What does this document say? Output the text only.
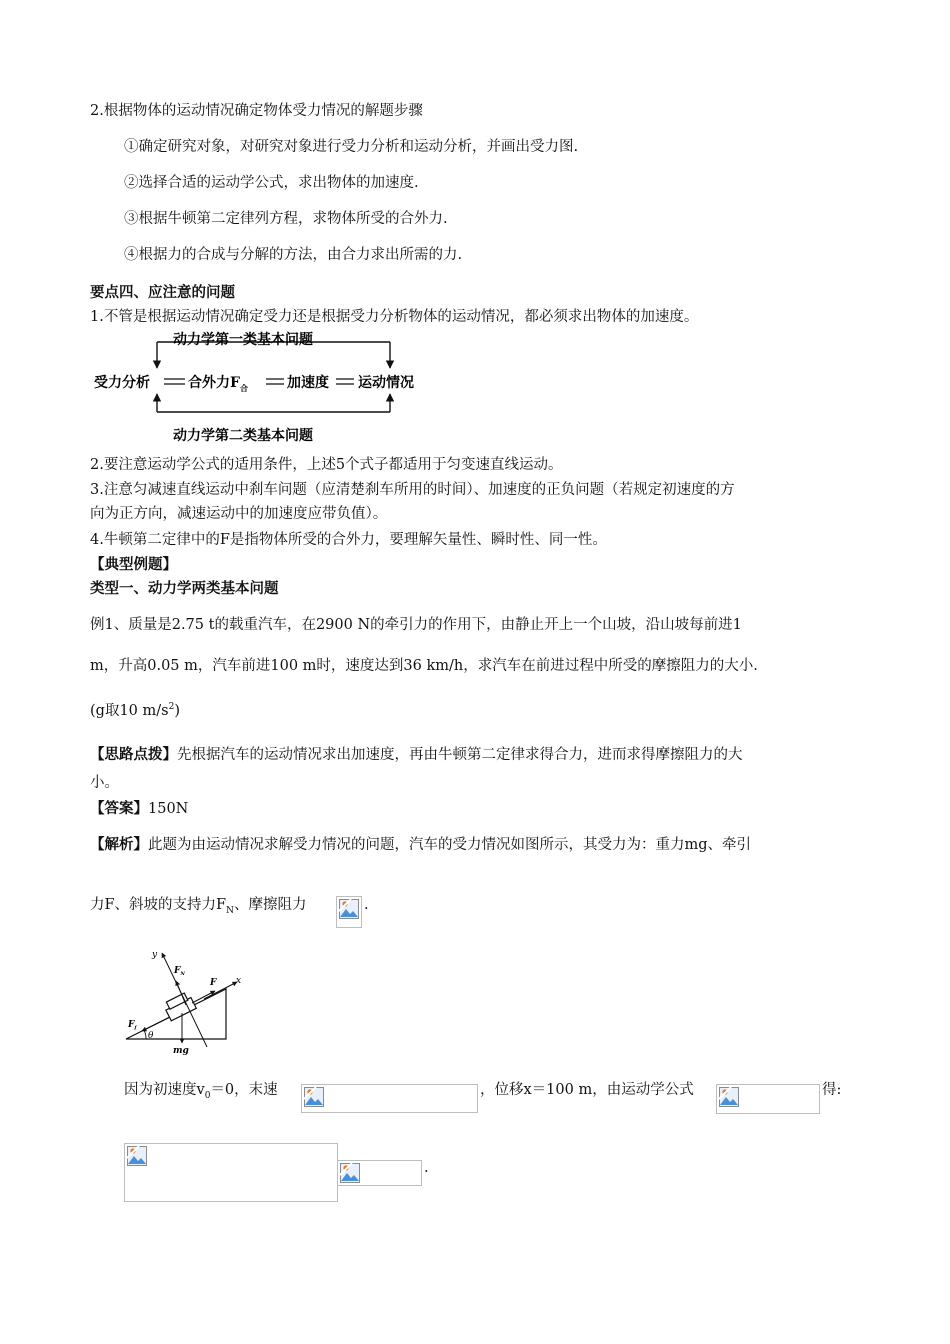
2.根据物体的运动情况确定物体受力情况的解题步骤
①确定研究对象，对研究对象进行受力分析和运动分析，并画出受力图.
②选择合适的运动学公式，求出物体的加速度.
③根据牛顿第二定律列方程，求物体所受的合外力.
④根据力的合成与分解的方法，由合力求出所需的力.
要点四、应注意的问题
1.不管是根据运动情况确定受力还是根据受力分析物体的运动情况，都必须求出物体的加速度。
动力学第一类基本问题
受力分析	合外力$F_合$	加速度 运动情况
动力学第二类基本问题
2.要注意运动学公式的适用条件，上述5个式子都适用于匀变速直线运动。
3.注意匀减速直线运动中刹车问题（应清楚刹车所用的时间）、加速度的正负问题（若规定初速度的方
向为正方向，减速运动中的加速度应带负值）。
4.牛顿第二定律中的F是指物体所受的合外力，要理解矢量性、瞬时性、同一性。
【典型例题】
类型一、动力学两类基本问题
例1、质量是2.75 t的载重汽车，在2900 N的牵引力的作用下，由静止开上一个山坡，沿山坡每前进1
m，升高0.05 m，汽车前进100 m时，速度达到36 km/h，求汽车在前进过程中所受的摩擦阻力的大小.
(g取10 $m/s^2$)
【思路点拨】先根据汽车的运动情况求出加速度，再由牛顿第二定律求得合力，进而求得摩擦阻力的大
小。
【答案】150N
【解析】此题为由运动情况求解受力情况的问题，汽车的受力情况如图所示，其受力为：重力mg、牵引
力F、斜坡的支持力$F_N$、摩擦阻力	.
y
x
$F_N$
F
$F_f$
θ
mg
因为初速度$v_0=0$，末速	，位移x＝100 m，由运动学公式	得:
.
